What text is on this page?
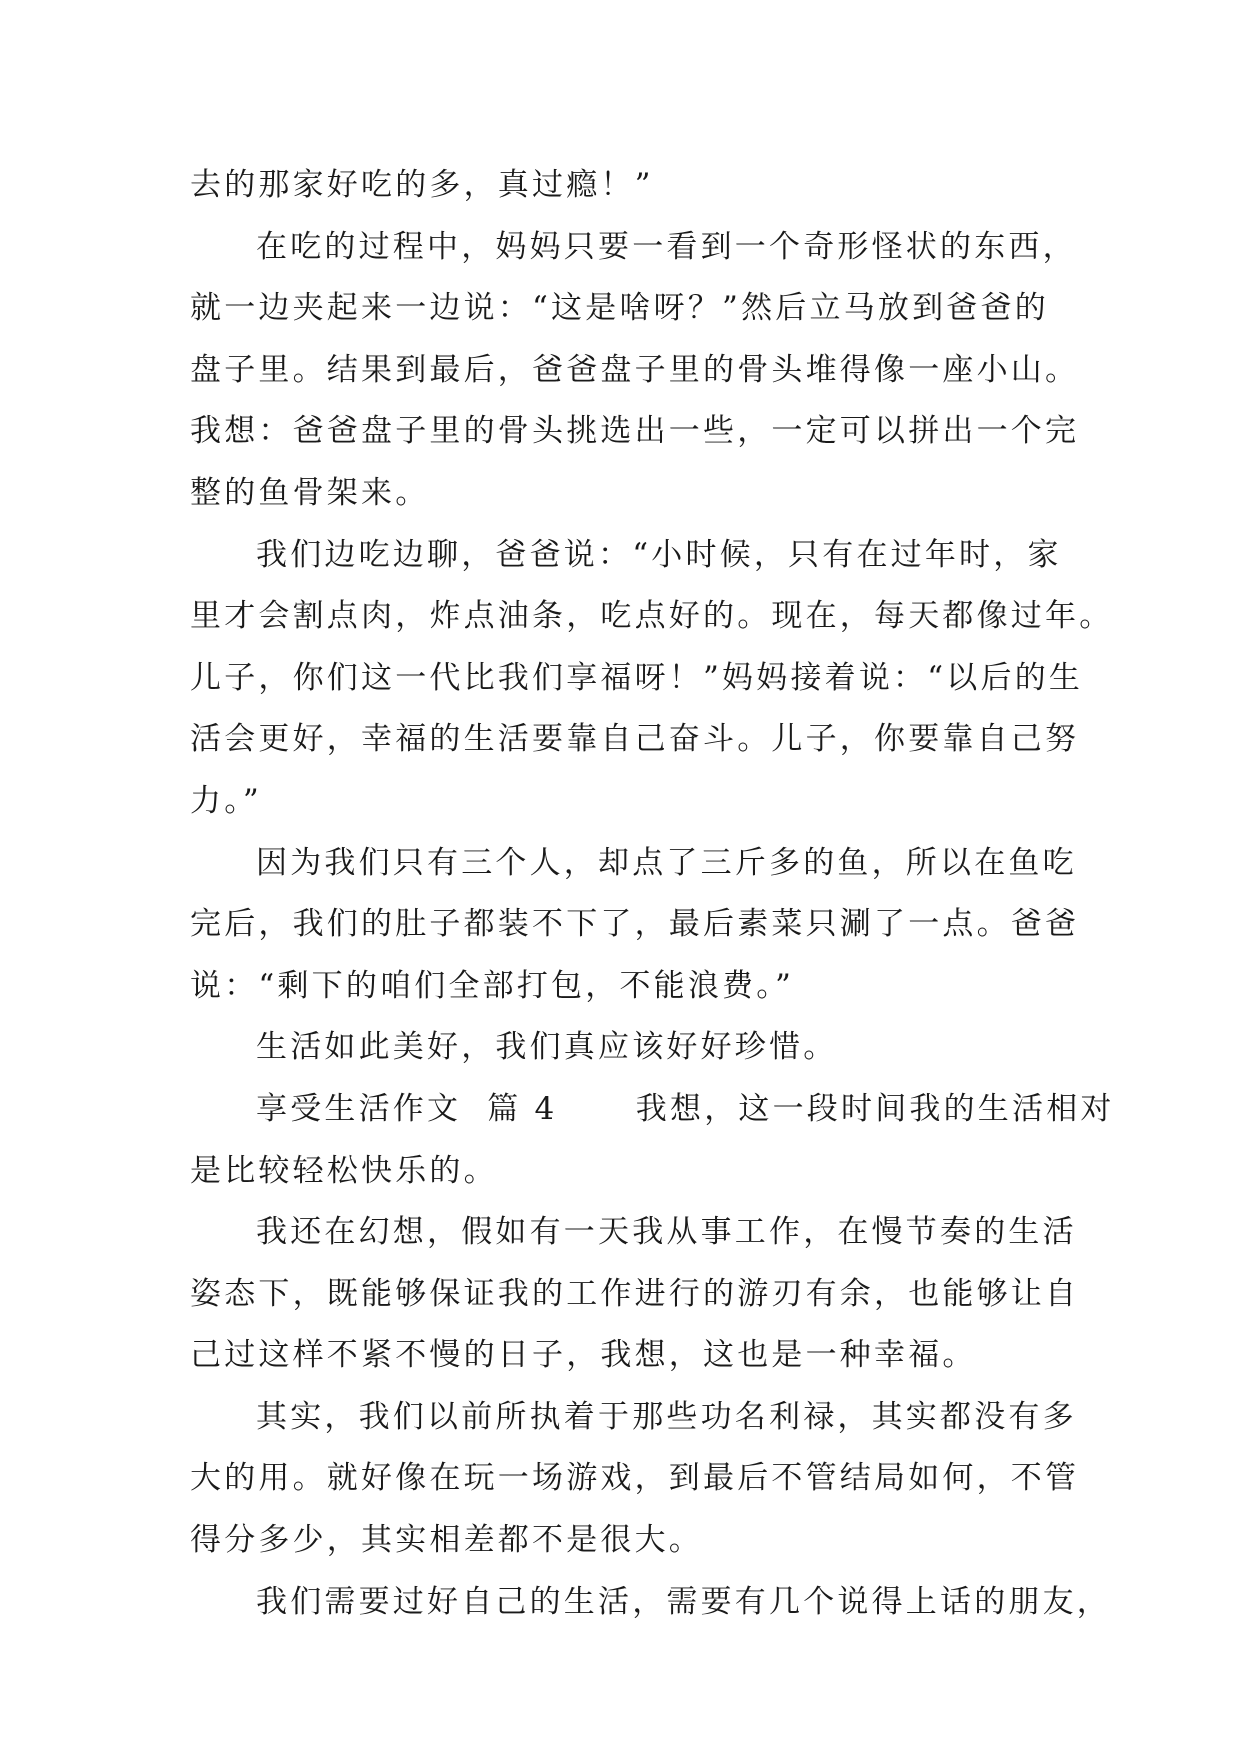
去的那家好吃的多，真过瘾！”
在吃的过程中，妈妈只要一看到一个奇形怪状的东西，
就一边夹起来一边说：“这是啥呀？”然后立马放到爸爸的
盘子里。结果到最后，爸爸盘子里的骨头堆得像一座小山。
我想：爸爸盘子里的骨头挑选出一些，一定可以拼出一个完
整的鱼骨架来。
我们边吃边聊，爸爸说：“小时候，只有在过年时，家
里才会割点肉，炸点油条，吃点好的。现在，每天都像过年。
儿子，你们这一代比我们享福呀！”妈妈接着说：“以后的生
活会更好，幸福的生活要靠自己奋斗。儿子，你要靠自己努
力。”
因为我们只有三个人，却点了三斤多的鱼，所以在鱼吃
完后，我们的肚子都装不下了，最后素菜只涮了一点。爸爸
说：“剩下的咱们全部打包，不能浪费。”
生活如此美好，我们真应该好好珍惜。
享受生活作文  篇 4      我想，这一段时间我的生活相对
是比较轻松快乐的。
我还在幻想，假如有一天我从事工作，在慢节奏的生活
姿态下，既能够保证我的工作进行的游刃有余，也能够让自
己过这样不紧不慢的日子，我想，这也是一种幸福。
其实，我们以前所执着于那些功名利禄，其实都没有多
大的用。就好像在玩一场游戏，到最后不管结局如何，不管
得分多少，其实相差都不是很大。
我们需要过好自己的生活，需要有几个说得上话的朋友，
